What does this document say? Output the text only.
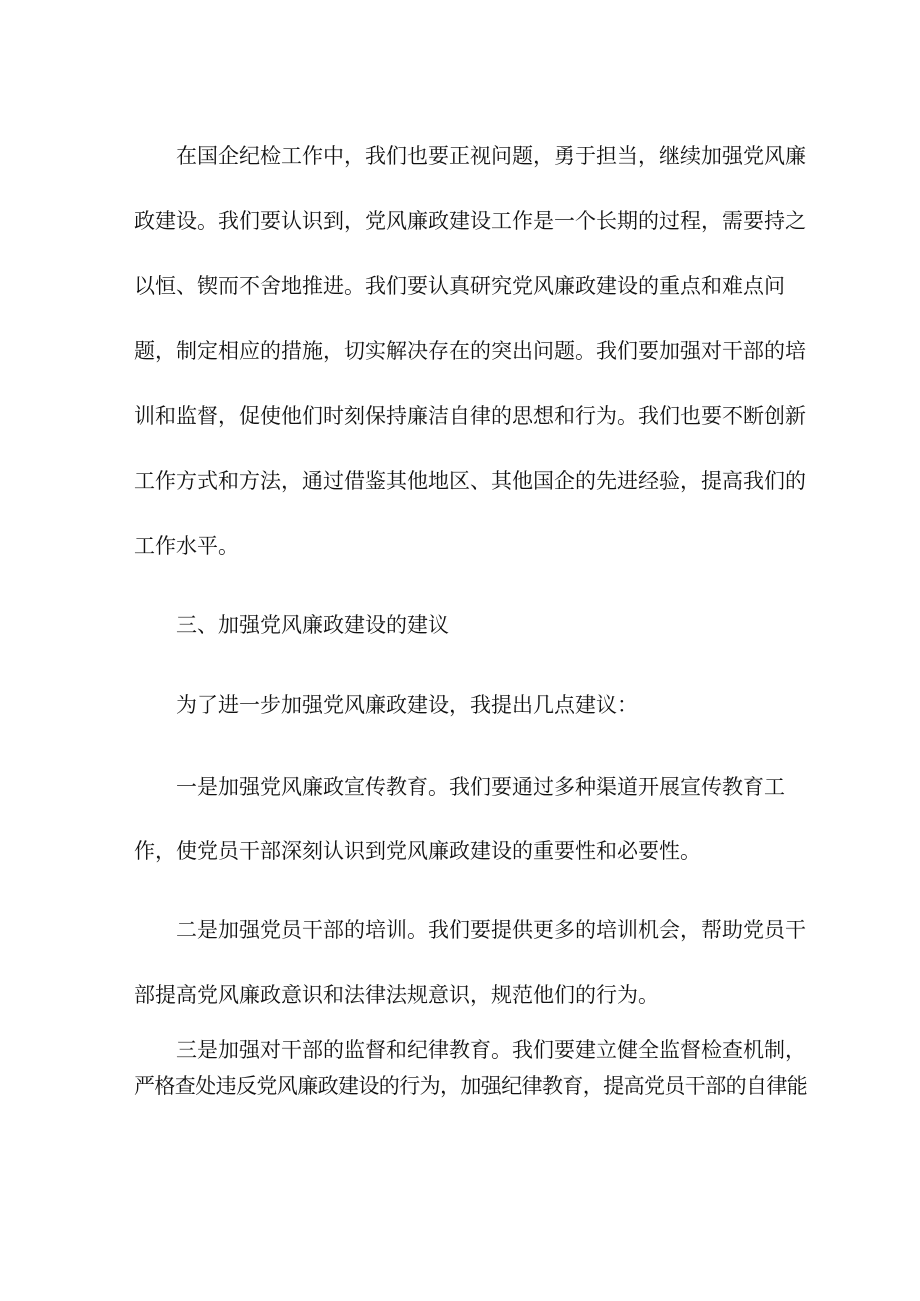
在国企纪检工作中，我们也要正视问题，勇于担当，继续加强党风廉

政建设。我们要认识到，党风廉政建设工作是一个长期的过程，需要持之

以恒、锲而不舍地推进。我们要认真研究党风廉政建设的重点和难点问

题，制定相应的措施，切实解决存在的突出问题。我们要加强对干部的培

训和监督，促使他们时刻保持廉洁自律的思想和行为。我们也要不断创新

工作方式和方法，通过借鉴其他地区、其他国企的先进经验，提高我们的

工作水平。

三、加强党风廉政建设的建议

为了进一步加强党风廉政建设，我提出几点建议：

一是加强党风廉政宣传教育。我们要通过多种渠道开展宣传教育工

作，使党员干部深刻认识到党风廉政建设的重要性和必要性。

二是加强党员干部的培训。我们要提供更多的培训机会，帮助党员干

部提高党风廉政意识和法律法规意识，规范他们的行为。

三是加强对干部的监督和纪律教育。我们要建立健全监督检查机制，

严格查处违反党风廉政建设的行为，加强纪律教育，提高党员干部的自律能
